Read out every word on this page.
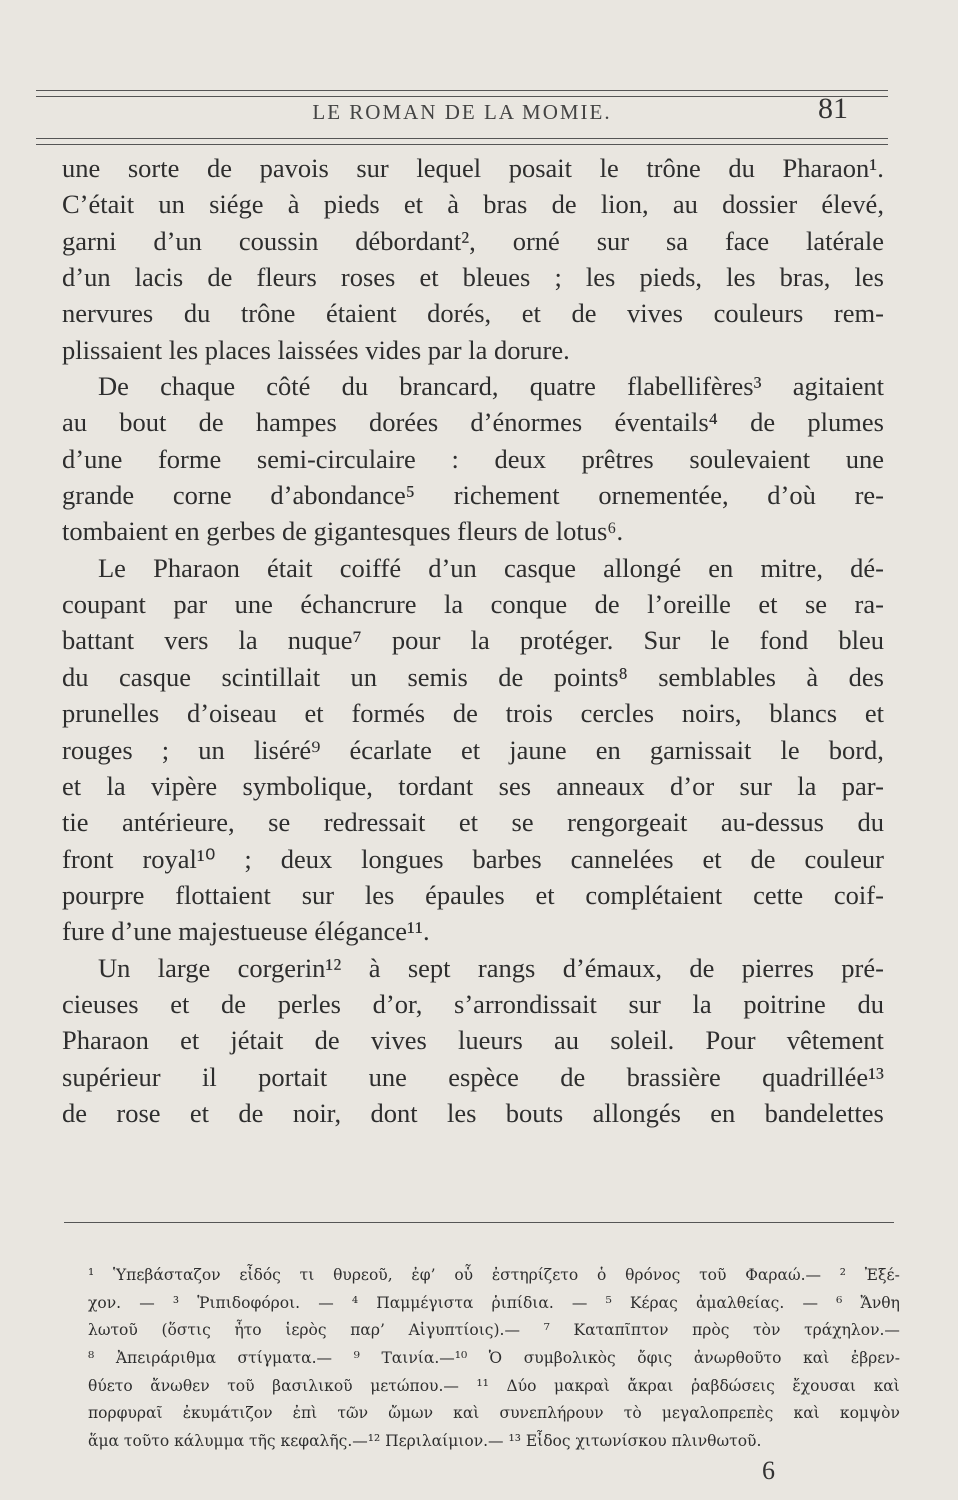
LE ROMAN DE LA MOMIE.	81
une sorte de pavois sur lequel posait le trône du Pharaon¹.
C’était un siége à pieds et à bras de lion, au dossier élevé,
garni d’un coussin débordant², orné sur sa face latérale
d’un lacis de fleurs roses et bleues ; les pieds, les bras, les
nervures du trône étaient dorés, et de vives couleurs rem-
plissaient les places laissées vides par la dorure.
De chaque côté du brancard, quatre flabellifères³ agitaient
au bout de hampes dorées d’énormes éventails⁴ de plumes
d’une forme semi-circulaire : deux prêtres soulevaient une
grande corne d’abondance⁵ richement ornementée, d’où re-
tombaient en gerbes de gigantesques fleurs de lotus⁶.
Le Pharaon était coiffé d’un casque allongé en mitre, dé-
coupant par une échancrure la conque de l’oreille et se ra-
battant vers la nuque⁷ pour la protéger. Sur le fond bleu
du casque scintillait un semis de points⁸ semblables à des
prunelles d’oiseau et formés de trois cercles noirs, blancs et
rouges ; un liséré⁹ écarlate et jaune en garnissait le bord,
et la vipère symbolique, tordant ses anneaux d’or sur la par-
tie antérieure, se redressait et se rengorgeait au-dessus du
front royal¹⁰ ; deux longues barbes cannelées et de couleur
pourpre flottaient sur les épaules et complétaient cette coif-
fure d’une majestueuse élégance¹¹.
Un large corgerin¹² à sept rangs d’émaux, de pierres pré-
cieuses et de perles d’or, s’arrondissait sur la poitrine du
Pharaon et jétait de vives lueurs au soleil. Pour vêtement
supérieur il portait une espèce de brassière quadrillée¹³
de rose et de noir, dont les bouts allongés en bandelettes
¹ Ὑπεβάσταζον εἶδός τι θυρεοῦ, ἐφ’ οὗ ἐστηρίζετο ὁ θρόνος τοῦ Φαραώ.— ² Ἐξέ-
χον. — ³ Ῥιπιδοφόροι. — ⁴ Παμμέγιστα ῥιπίδια. — ⁵ Κέρας ἀμαλθείας. — ⁶ Ἄνθη
λωτοῦ (ὅστις ἦτο ἱερὸς παρ’ Αἰγυπτίοις).— ⁷ Καταπῖπτον πρὸς τὸν τράχηλον.—
⁸ Ἀπειράριθμα στίγματα.— ⁹ Ταινία.—¹⁰ Ὁ συμβολικὸς ὄφις ἀνωρθοῦτο καὶ ἐβρεν-
θύετο ἄνωθεν τοῦ βασιλικοῦ μετώπου.— ¹¹ Δύο μακραὶ ἄκραι ῥαβδώσεις ἔχουσαι καὶ
πορφυραῖ ἐκυμάτιζον ἐπὶ τῶν ὤμων καὶ συνεπλήρουν τὸ μεγαλοπρεπὲς καὶ κομψὸν
ἅμα τοῦτο κάλυμμα τῆς κεφαλῆς.—¹² Περιλαίμιον.— ¹³ Εἶδος χιτωνίσκου πλινθωτοῦ.
6
